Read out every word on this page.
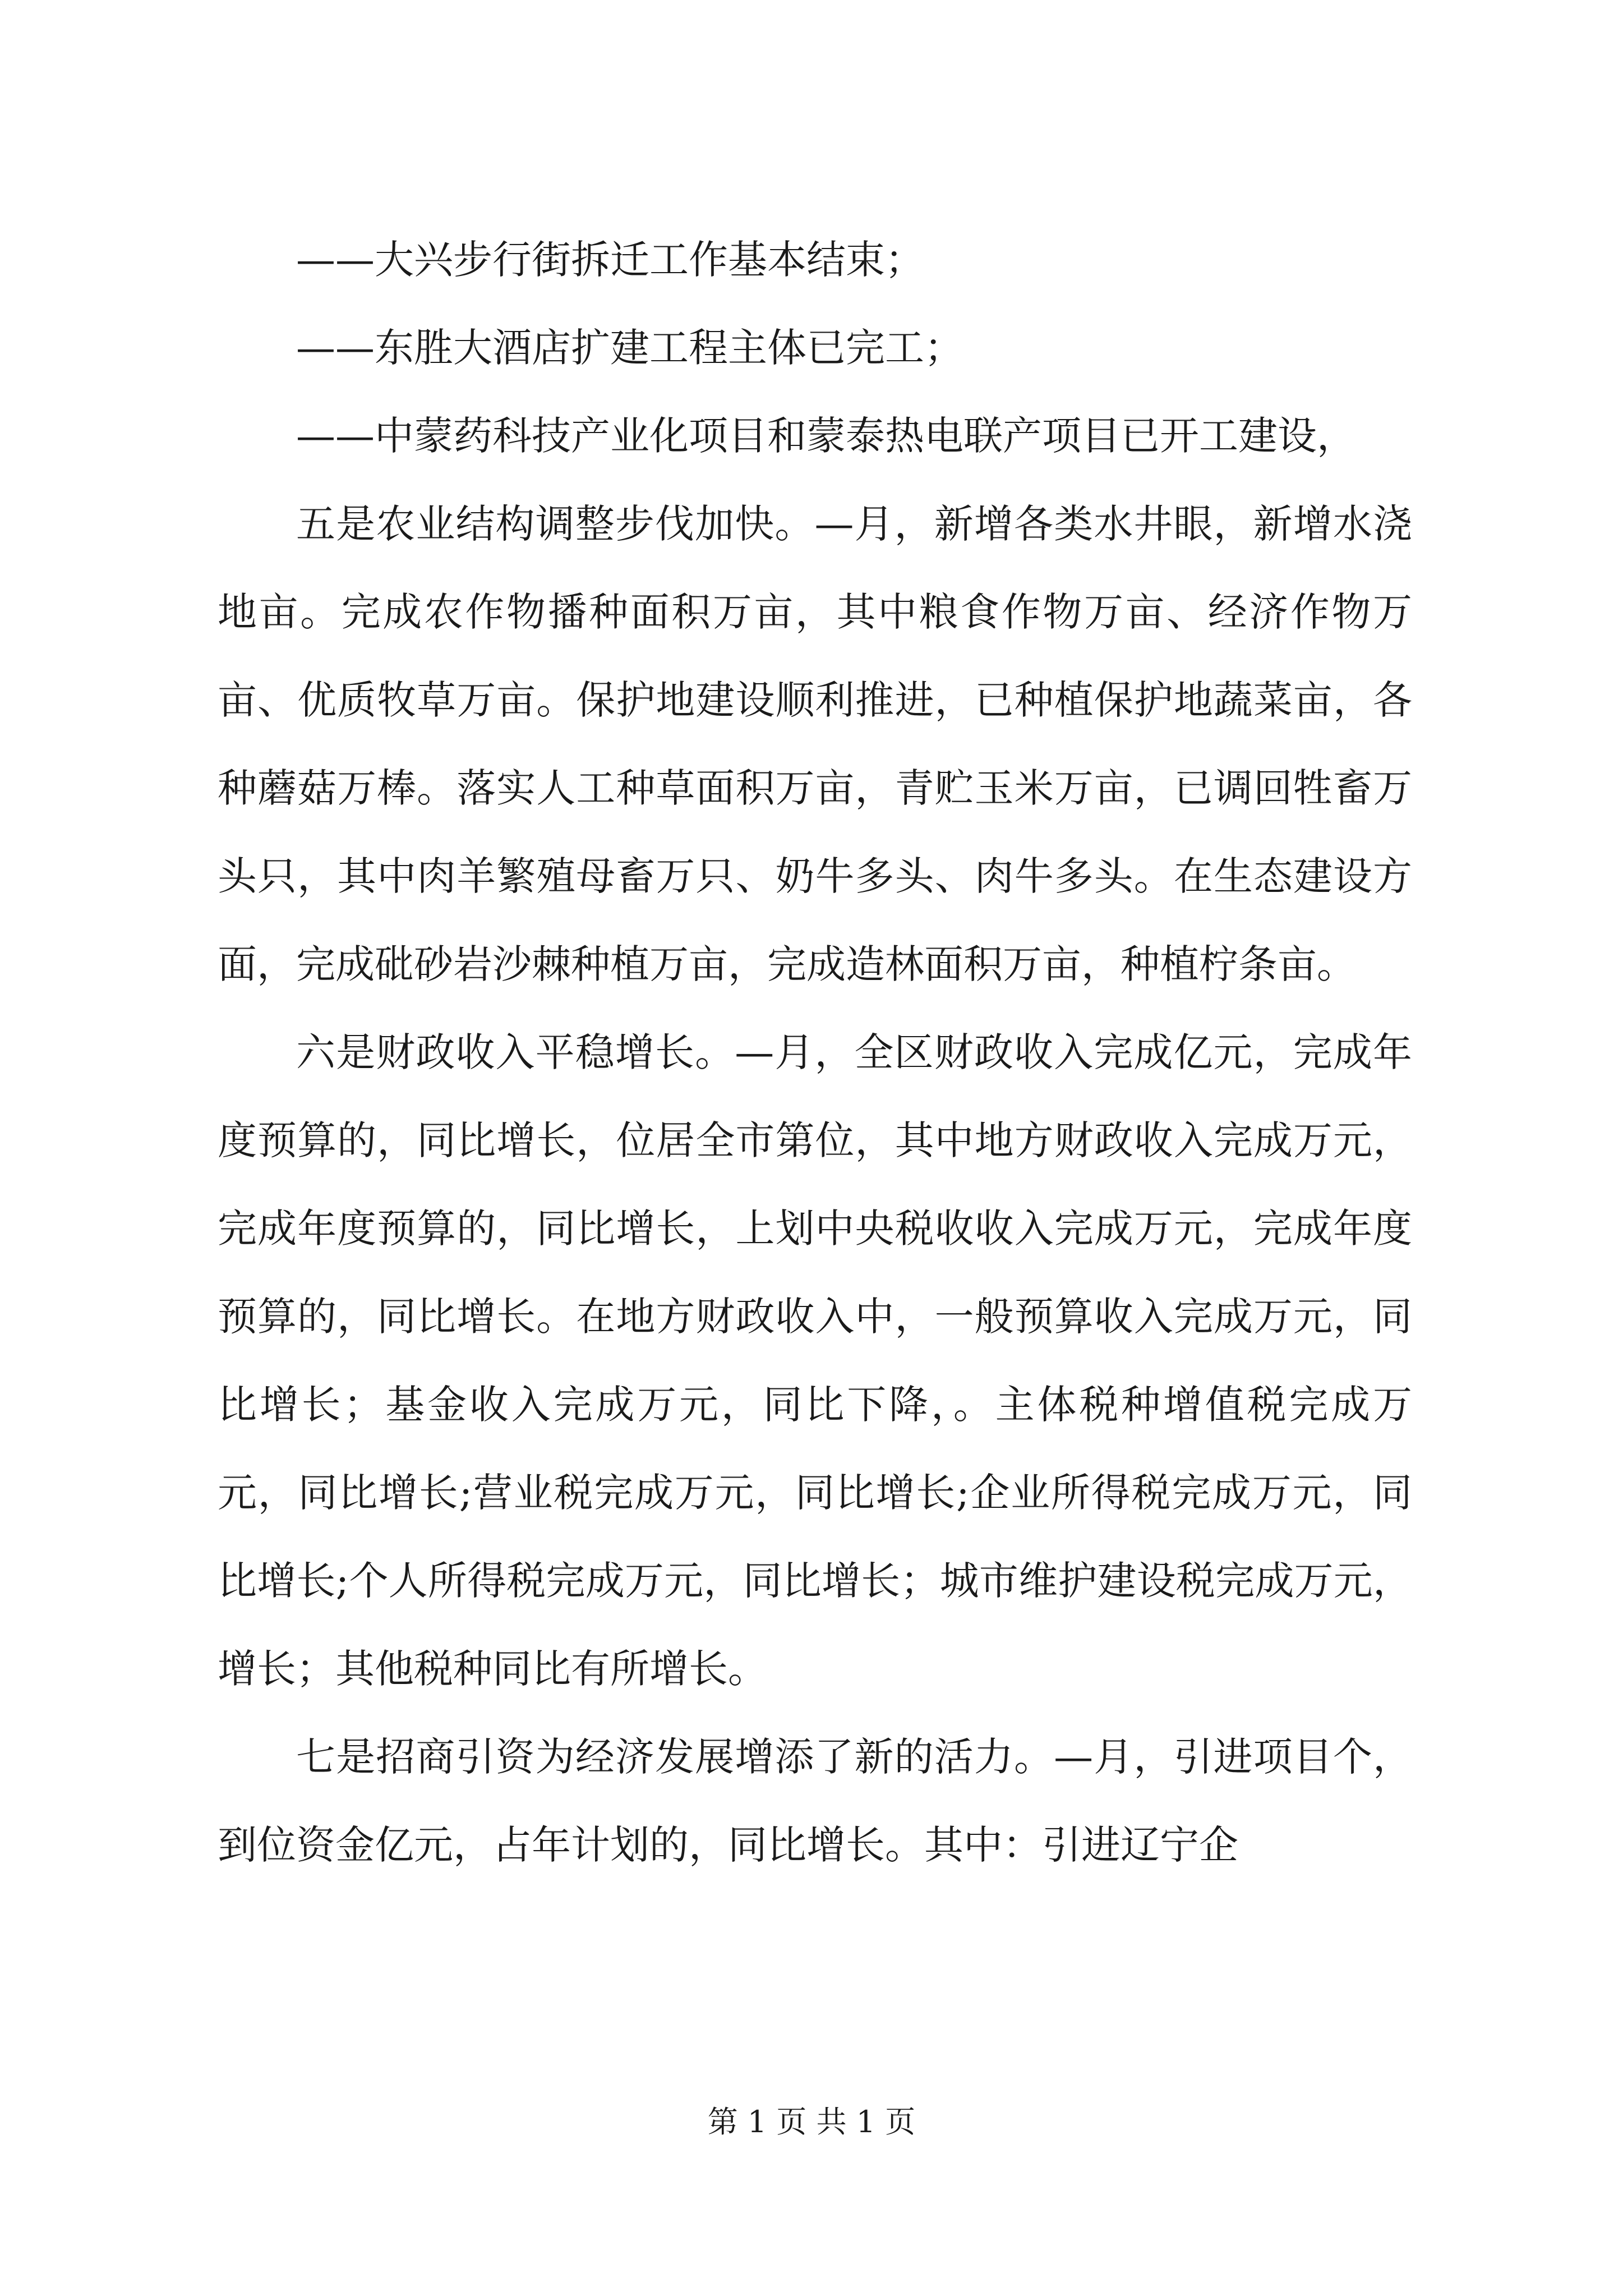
——大兴步行街拆迁工作基本结束；

——东胜大酒店扩建工程主体已完工；

——中蒙药科技产业化项目和蒙泰热电联产项目已开工建设，

五是农业结构调整步伐加快。—月，新增各类水井眼，新增水浇地亩。完成农作物播种面积万亩，其中粮食作物万亩、经济作物万亩、优质牧草万亩。保护地建设顺利推进，已种植保护地蔬菜亩，各种蘑菇万棒。落实人工种草面积万亩，青贮玉米万亩，已调回牲畜万头只，其中肉羊繁殖母畜万只、奶牛多头、肉牛多头。在生态建设方面，完成砒砂岩沙棘种植万亩，完成造林面积万亩，种植柠条亩。

六是财政收入平稳增长。—月，全区财政收入完成亿元，完成年度预算的，同比增长，位居全市第位，其中地方财政收入完成万元，完成年度预算的，同比增长，上划中央税收收入完成万元，完成年度预算的，同比增长。在地方财政收入中，一般预算收入完成万元，同比增长；基金收入完成万元，同比下降，。主体税种增值税完成万元，同比增长;营业税完成万元，同比增长;企业所得税完成万元，同比增长;个人所得税完成万元，同比增长；城市维护建设税完成万元，增长；其他税种同比有所增长。

七是招商引资为经济发展增添了新的活力。—月，引进项目个，到位资金亿元，占年计划的，同比增长。其中：引进辽宁企

第 1 页 共 1 页
